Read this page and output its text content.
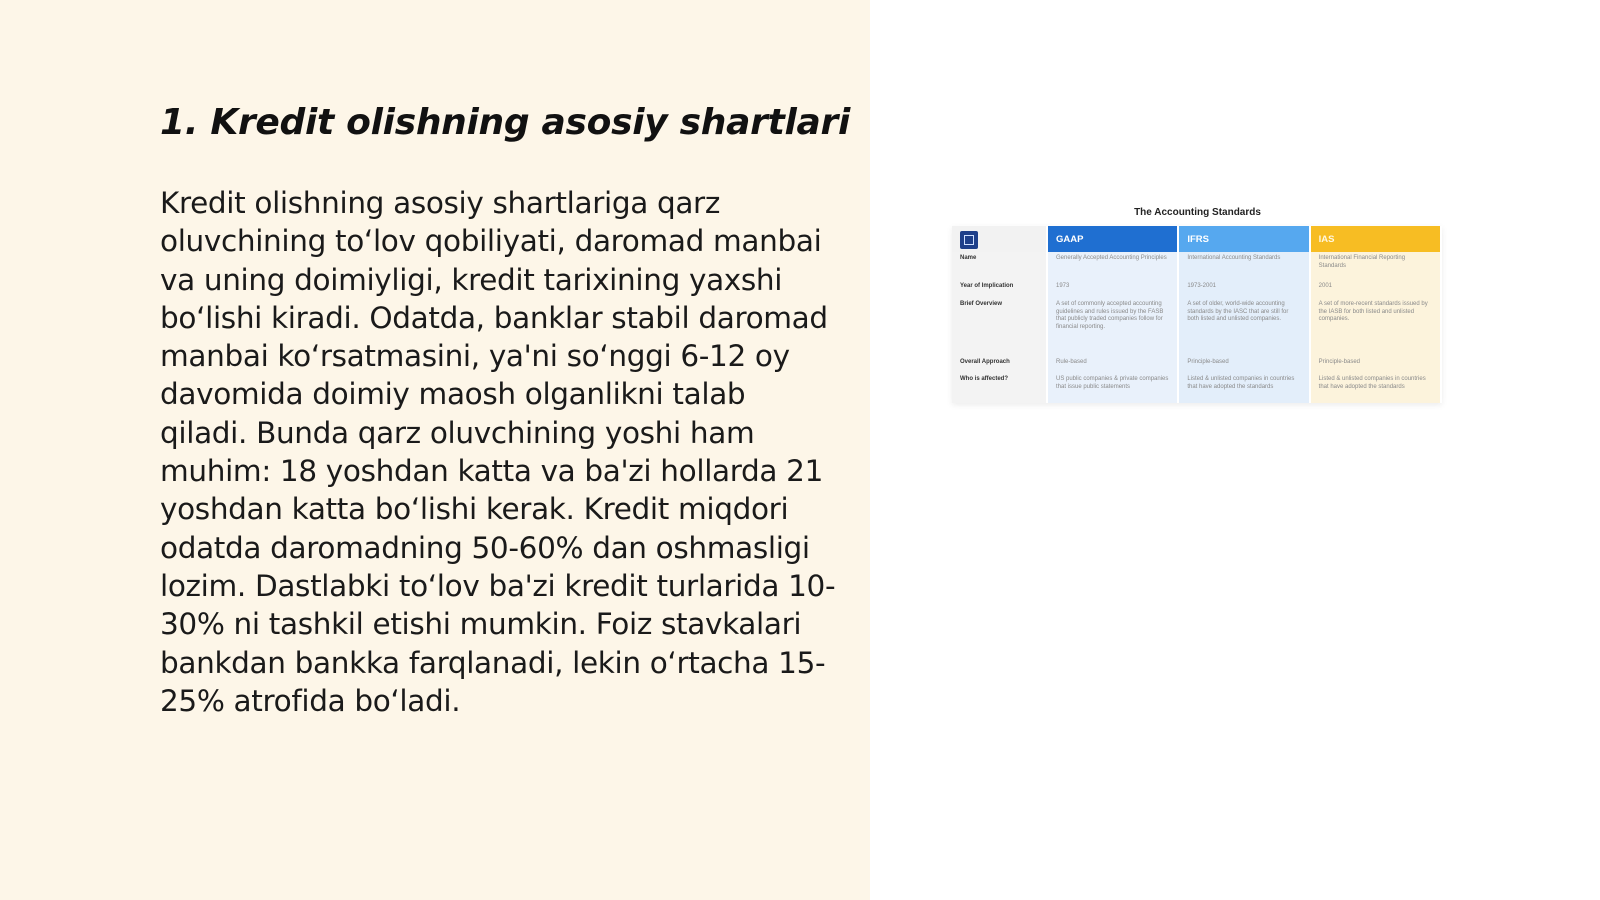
1. Kredit olishning asosiy shartlari

Kredit olishning asosiy shartlariga qarz oluvchining to‘lov qobiliyati, daromad manbai va uning doimiyligi, kredit tarixining yaxshi bo‘lishi kiradi. Odatda, banklar stabil daromad manbai ko‘rsatmasini, ya'ni so‘nggi 6-12 oy davomida doimiy maosh olganlikni talab qiladi. Bunda qarz oluvchining yoshi ham muhim: 18 yoshdan katta va ba'zi hollarda 21 yoshdan katta bo‘lishi kerak. Kredit miqdori odatda daromadning 50-60% dan oshmasligi lozim. Dastlabki to‘lov ba'zi kredit turlarida 10-30% ni tashkil etishi mumkin. Foiz stavkalari bankdan bankka farqlanadi, lekin o‘rtacha 15-25% atrofida bo‘ladi.

The Accounting Standards
	GAAP	IFRS	IAS
Name	Generally Accepted Accounting Principles	International Accounting Standards	International Financial Reporting Standards
Year of Implication	1973	1973-2001	2001
Brief Overview	A set of commonly accepted accounting guidelines and rules issued by the FASB that publicly traded companies follow for financial reporting.	A set of older, world-wide accounting standards by the IASC that are still for both listed and unlisted companies.	A set of more-recent standards issued by the IASB for both listed and unlisted companies.
Overall Approach	Rule-based	Principle-based	Principle-based
Who is affected?	US public companies & private companies that issue public statements	Listed & unlisted companies in countries that have adopted the standards	Listed & unlisted companies in countries that have adopted the standards
